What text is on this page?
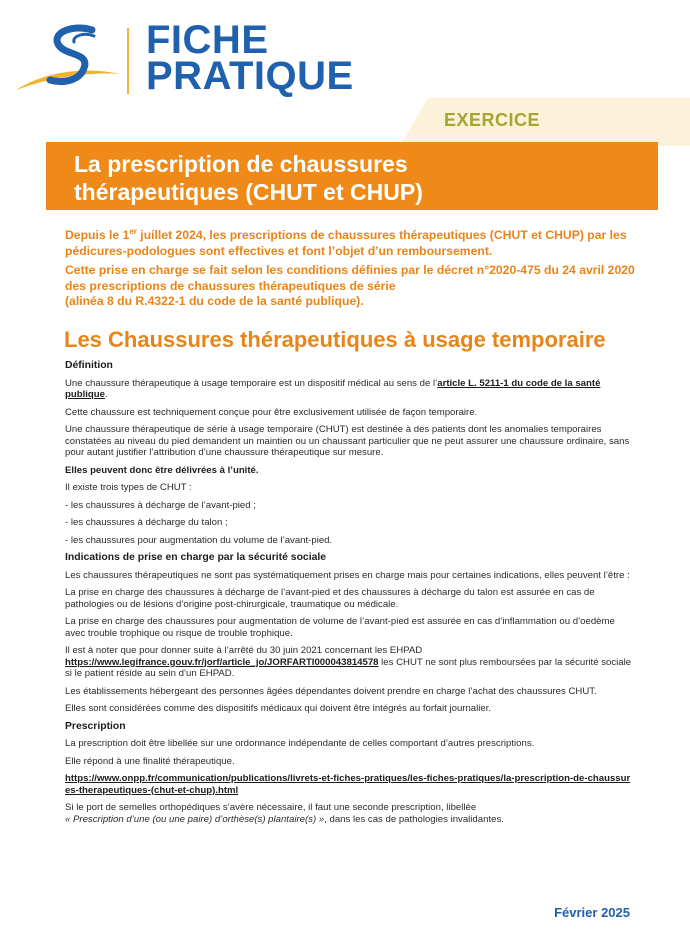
FICHE
PRATIQUE
EXERCICE
La prescription de chaussures
thérapeutiques (CHUT et CHUP)

Depuis le 1er juillet 2024, les prescriptions de chaussures thérapeutiques (CHUT et CHUP) par les pédicures-podologues sont effectives et font l’objet d’un remboursement.

Cette prise en charge se fait selon les conditions définies par le décret n°2020-475 du 24 avril 2020 des prescriptions de chaussures thérapeutiques de série

(alinéa 8 du R.4322-1 du code de la santé publique).

Les Chaussures thérapeutiques à usage temporaire

Définition

Une chaussure thérapeutique à usage temporaire est un dispositif médical au sens de l’article L. 5211-1 du code de la santé publique.

Cette chaussure est techniquement conçue pour être exclusivement utilisée de façon temporaire.

Une chaussure thérapeutique de série à usage temporaire (CHUT) est destinée à des patients dont les anomalies temporaires constatées au niveau du pied demandent un maintien ou un chaussant particulier que ne peut assurer une chaussure ordinaire, sans pour autant justifier l’attribution d’une chaussure thérapeutique sur mesure.

Elles peuvent donc être délivrées à l’unité.

Il existe trois types de CHUT :

- les chaussures à décharge de l’avant-pied ;

- les chaussures à décharge du talon ;

- les chaussures pour augmentation du volume de l’avant-pied.

Indications de prise en charge par la sécurité sociale

Les chaussures thérapeutiques ne sont pas systématiquement prises en charge mais pour certaines indications, elles peuvent l’être :

La prise en charge des chaussures à décharge de l’avant-pied et des chaussures à décharge du talon est assurée en cas de pathologies ou de lésions d’origine post-chirurgicale, traumatique ou médicale.

La prise en charge des chaussures pour augmentation de volume de l’avant-pied est assurée en cas d’inflammation ou d’oedème avec trouble trophique ou risque de trouble trophique.

Il est à noter que pour donner suite à l’arrêté du 30 juin 2021 concernant les EHPAD https://www.legifrance.gouv.fr/jorf/article_jo/JORFARTI000043814578 les CHUT ne sont plus remboursées par la sécurité sociale si le patient réside au sein d’un EHPAD.

Les établissements hébergeant des personnes âgées dépendantes doivent prendre en charge l’achat des chaussures CHUT.

Elles sont considérées comme des dispositifs médicaux qui doivent être intégrés au forfait journalier.

Prescription

La prescription doit être libellée sur une ordonnance indépendante de celles comportant d’autres prescriptions.

Elle répond à une finalité thérapeutique.

https://www.onpp.fr/communication/publications/livrets-et-fiches-pratiques/les-fiches-pratiques/la-prescription-de-chaussures-therapeutiques-(chut-et-chup).html

Si le port de semelles orthopédiques s’avère nécessaire, il faut une seconde prescription, libellée
« Prescription d’une (ou une paire) d’orthèse(s) plantaire(s) », dans les cas de pathologies invalidantes.

Février 2025
